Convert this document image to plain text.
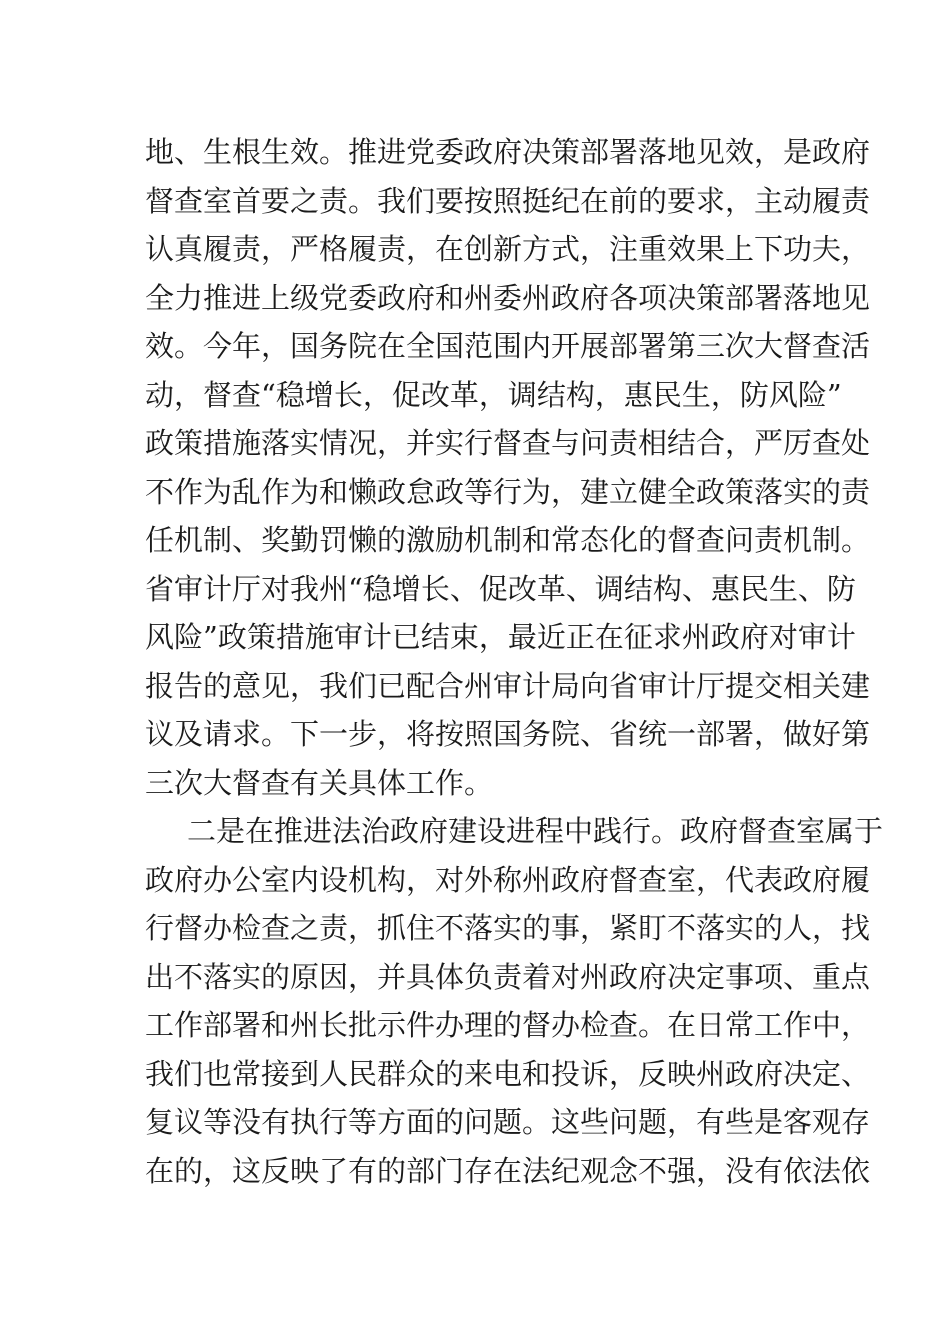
地、生根生效。推进党委政府决策部署落地见效，是政府
督查室首要之责。我们要按照挺纪在前的要求，主动履责
认真履责，严格履责，在创新方式，注重效果上下功夫，
全力推进上级党委政府和州委州政府各项决策部署落地见
效。今年，国务院在全国范围内开展部署第三次大督查活
动，督查“稳增长，促改革，调结构，惠民生，防风险”
政策措施落实情况，并实行督查与问责相结合，严厉查处
不作为乱作为和懒政怠政等行为，建立健全政策落实的责
任机制、奖勤罚懒的激励机制和常态化的督查问责机制。
省审计厅对我州“稳增长、促改革、调结构、惠民生、防
风险”政策措施审计已结束，最近正在征求州政府对审计
报告的意见，我们已配合州审计局向省审计厅提交相关建
议及请求。下一步，将按照国务院、省统一部署，做好第
三次大督查有关具体工作。
二是在推进法治政府建设进程中践行。政府督查室属于
政府办公室内设机构，对外称州政府督查室，代表政府履
行督办检查之责，抓住不落实的事，紧盯不落实的人，找
出不落实的原因，并具体负责着对州政府决定事项、重点
工作部署和州长批示件办理的督办检查。在日常工作中，
我们也常接到人民群众的来电和投诉，反映州政府决定、
复议等没有执行等方面的问题。这些问题，有些是客观存
在的，这反映了有的部门存在法纪观念不强，没有依法依
